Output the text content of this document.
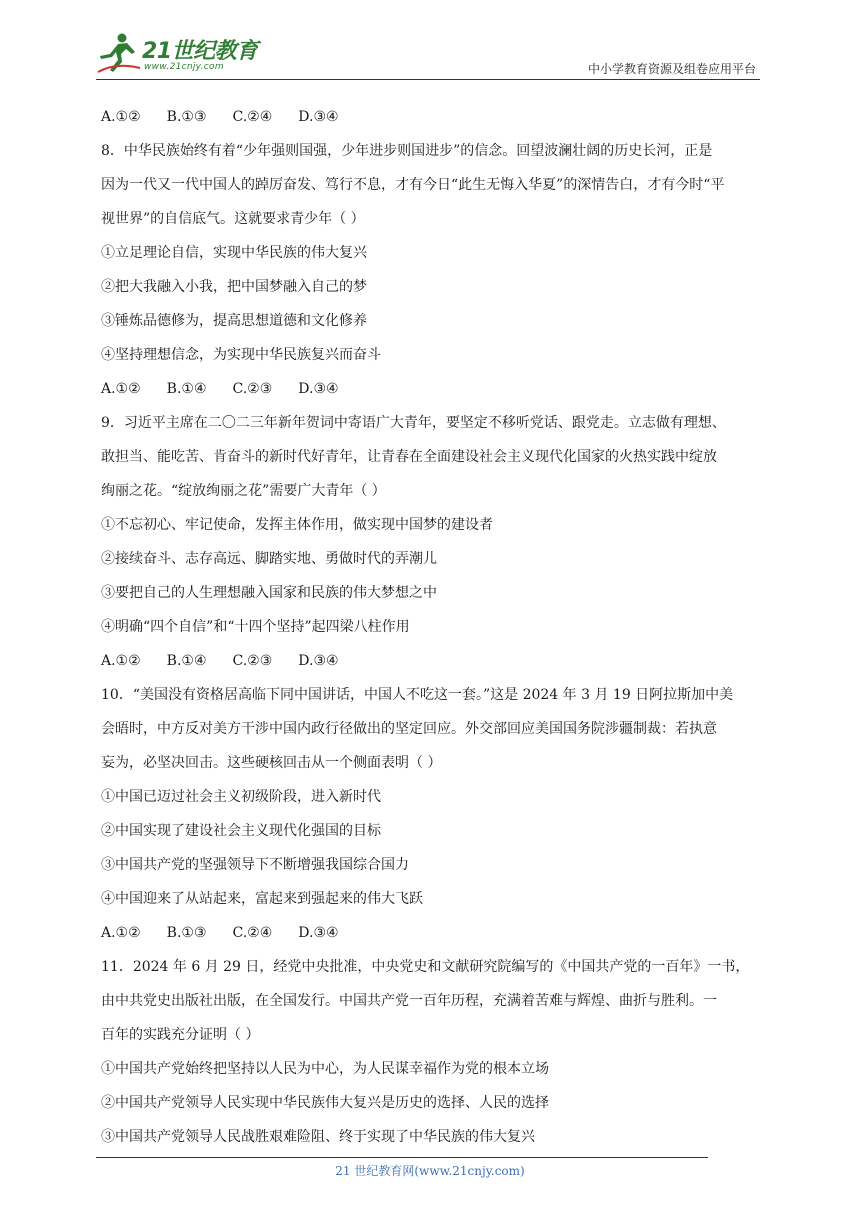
21世纪教育
www.21cnjy.com	中小学教育资源及组卷应用平台
A.①② B.①③ C.②④ D.③④
8．中华民族始终有着“少年强则国强，少年进步则国进步”的信念。回望波澜壮阔的历史长河，正是
因为一代又一代中国人的踔厉奋发、笃行不息，才有今日“此生无悔入华夏”的深情告白，才有今时“平
视世界”的自信底气。这就要求青少年（ ）
①立足理论自信，实现中华民族的伟大复兴
②把大我融入小我，把中国梦融入自己的梦
③锤炼品德修为，提高思想道德和文化修养
④坚持理想信念，为实现中华民族复兴而奋斗
A.①② B.①④ C.②③ D.③④
9．习近平主席在二〇二三年新年贺词中寄语广大青年，要坚定不移听党话、跟党走。立志做有理想、
敢担当、能吃苦、肯奋斗的新时代好青年，让青春在全面建设社会主义现代化国家的火热实践中绽放
绚丽之花。“绽放绚丽之花”需要广大青年（ ）
①不忘初心、牢记使命，发挥主体作用，做实现中国梦的建设者
②接续奋斗、志存高远、脚踏实地、勇做时代的弄潮儿
③要把自己的人生理想融入国家和民族的伟大梦想之中
④明确“四个自信”和“十四个坚持”起四梁八柱作用
A.①② B.①④ C.②③ D.③④
10．“美国没有资格居高临下同中国讲话，中国人不吃这一套。”这是 2024 年 3 月 19 日阿拉斯加中美
会晤时，中方反对美方干涉中国内政行径做出的坚定回应。外交部回应美国国务院涉疆制裁：若执意
妄为，必坚决回击。这些硬核回击从一个侧面表明（ ）
①中国已迈过社会主义初级阶段，进入新时代
②中国实现了建设社会主义现代化强国的目标
③中国共产党的坚强领导下不断增强我国综合国力
④中国迎来了从站起来，富起来到强起来的伟大飞跃
A.①② B.①③ C.②④ D.③④
11．2024 年 6 月 29 日，经党中央批准，中央党史和文献研究院编写的《中国共产党的一百年》一书，
由中共党史出版社出版，在全国发行。中国共产党一百年历程，充满着苦难与辉煌、曲折与胜利。一
百年的实践充分证明（ ）
①中国共产党始终把坚持以人民为中心，为人民谋幸福作为党的根本立场
②中国共产党领导人民实现中华民族伟大复兴是历史的选择、人民的选择
③中国共产党领导人民战胜艰难险阻、终于实现了中华民族的伟大复兴
21 世纪教育网(www.21cnjy.com)
